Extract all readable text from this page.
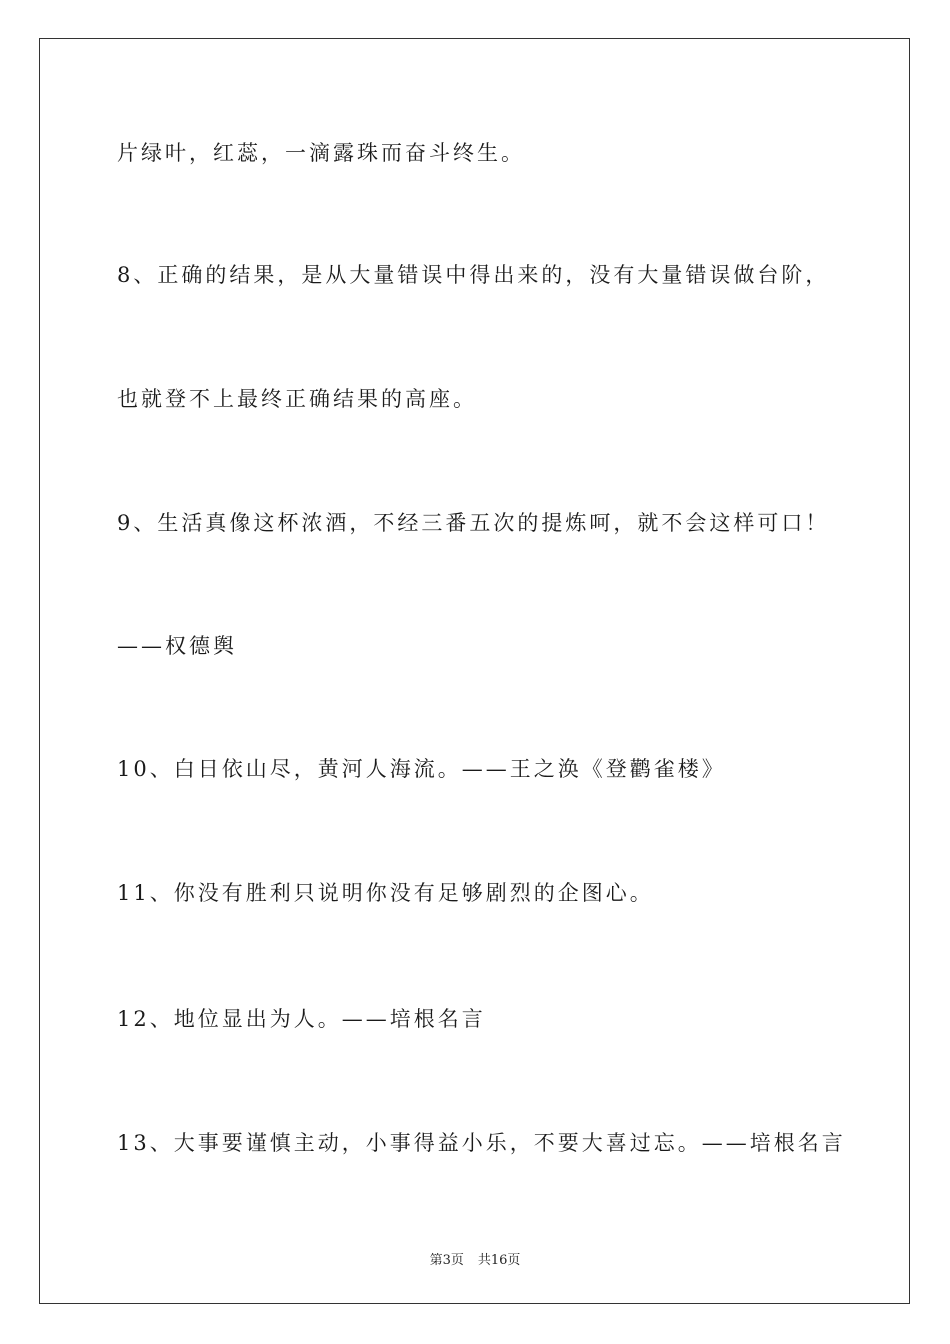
片绿叶，红蕊，一滴露珠而奋斗终生。
8、正确的结果，是从大量错误中得出来的，没有大量错误做台阶，
也就登不上最终正确结果的高座。
9、生活真像这杯浓酒，不经三番五次的提炼呵，就不会这样可口！
——权德舆
10、白日依山尽，黄河人海流。——王之涣《登鹳雀楼》
11、你没有胜利只说明你没有足够剧烈的企图心。
12、地位显出为人。——培根名言
13、大事要谨慎主动，小事得益小乐，不要大喜过忘。——培根名言
第3页 共16页
